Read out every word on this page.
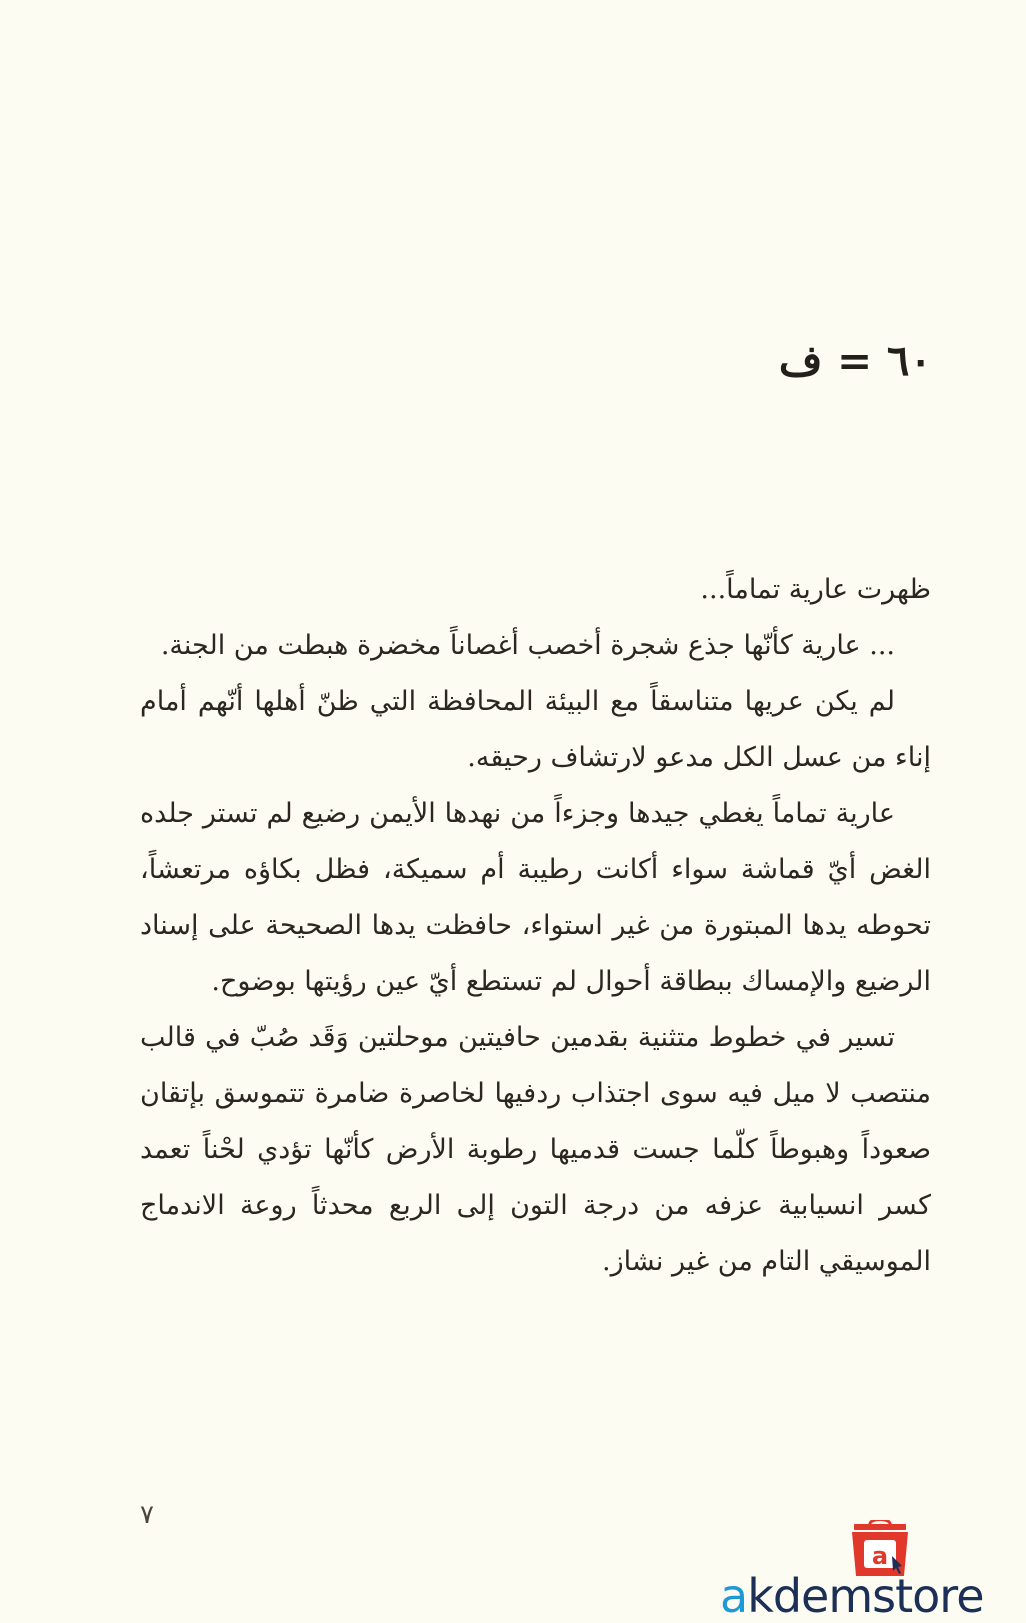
٦٠ = ف

ظهرت عارية تماماً...

... عارية كأنّها جذع شجرة أخصب أغصاناً مخضرة هبطت من الجنة.

لم يكن عريها متناسقاً مع البيئة المحافظة التي ظنّ أهلها أنّهم أمام إناء من عسل الكل مدعو لارتشاف رحيقه.

عارية تماماً يغطي جيدها وجزءاً من نهدها الأيمن رضيع لم تستر جلده الغض أيّ قماشة سواء أكانت رطيبة أم سميكة، فظل بكاؤه مرتعشاً، تحوطه يدها المبتورة من غير استواء، حافظت يدها الصحيحة على إسناد الرضيع والإمساك ببطاقة أحوال لم تستطع أيّ عين رؤيتها بوضوح.

تسير في خطوط متثنية بقدمين حافيتين موحلتين وَقَد صُبّ في قالب منتصب لا ميل فيه سوى اجتذاب ردفيها لخاصرة ضامرة تتموسق بإتقان صعوداً وهبوطاً كلّما جست قدميها رطوبة الأرض كأنّها تؤدي لحْناً تعمد كسر انسيابية عزفه من درجة التون إلى الربع محدثاً روعة الاندماج الموسيقي التام من غير نشاز.

٧
a
akdemstore
